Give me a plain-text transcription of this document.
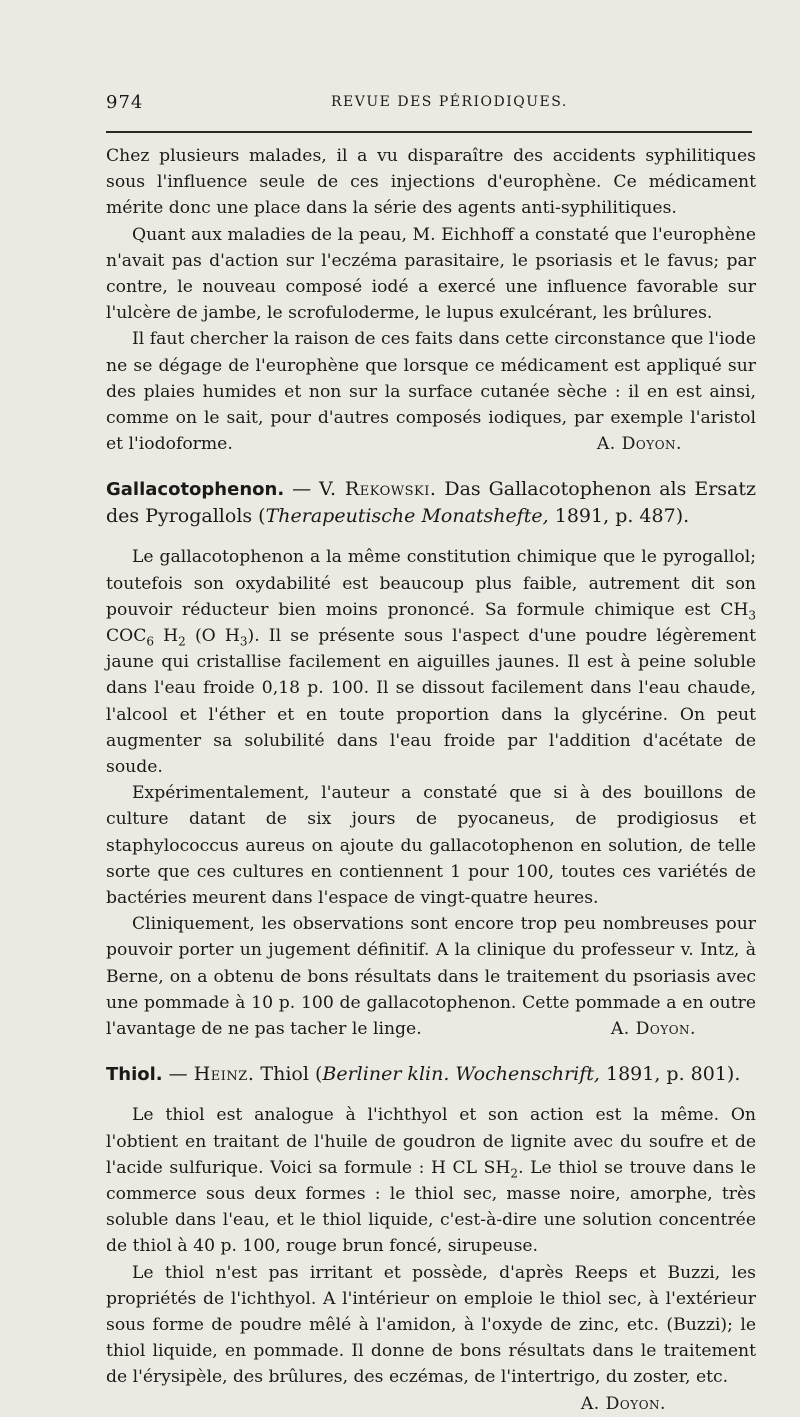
974	REVUE DES PÉRIODIQUES.

Chez plusieurs malades, il a vu disparaître des accidents syphilitiques sous l'influence seule de ces injections d'europhène. Ce médicament mérite donc une place dans la série des agents anti-syphilitiques.

Quant aux maladies de la peau, M. Eichhoff a constaté que l'europhène n'avait pas d'action sur l'eczéma parasitaire, le psoriasis et le favus; par contre, le nouveau composé iodé a exercé une influence favorable sur l'ulcère de jambe, le scrofuloderme, le lupus exulcérant, les brûlures.

Il faut chercher la raison de ces faits dans cette circonstance que l'iode ne se dégage de l'europhène que lorsque ce médicament est appliqué sur des plaies humides et non sur la surface cutanée sèche : il en est ainsi, comme on le sait, pour d'autres composés iodiques, par exemple l'aristol et l'iodoforme.	A. Doyon.

Gallacotophenon. — V. Rekowski. Das Gallacotophenon als Ersatz des Pyrogallols (Therapeutische Monatshefte, 1891, p. 487).

Le gallacotophenon a la même constitution chimique que le pyrogallol; toutefois son oxydabilité est beaucoup plus faible, autrement dit son pouvoir réducteur bien moins prononcé. Sa formule chimique est $CH_3$ $COC_6$ $H_2$ (O $H_3$). Il se présente sous l'aspect d'une poudre légèrement jaune qui cristallise facilement en aiguilles jaunes. Il est à peine soluble dans l'eau froide 0,18 p. 100. Il se dissout facilement dans l'eau chaude, l'alcool et l'éther et en toute proportion dans la glycérine. On peut augmenter sa solubilité dans l'eau froide par l'addition d'acétate de soude.

Expérimentalement, l'auteur a constaté que si à des bouillons de culture datant de six jours de pyocaneus, de prodigiosus et staphylococcus aureus on ajoute du gallacotophenon en solution, de telle sorte que ces cultures en contiennent 1 pour 100, toutes ces variétés de bactéries meurent dans l'espace de vingt-quatre heures.

Cliniquement, les observations sont encore trop peu nombreuses pour pouvoir porter un jugement définitif. A la clinique du professeur v. Intz, à Berne, on a obtenu de bons résultats dans le traitement du psoriasis avec une pommade à 10 p. 100 de gallacotophenon. Cette pommade a en outre l'avantage de ne pas tacher le linge.	A. Doyon.

Thiol. — Heinz. Thiol (Berliner klin. Wochenschrift, 1891, p. 801).

Le thiol est analogue à l'ichthyol et son action est la même. On l'obtient en traitant de l'huile de goudron de lignite avec du soufre et de l'acide sulfurique. Voici sa formule : H CL $SH_2$. Le thiol se trouve dans le commerce sous deux formes : le thiol sec, masse noire, amorphe, très soluble dans l'eau, et le thiol liquide, c'est-à-dire une solution concentrée de thiol à 40 p. 100, rouge brun foncé, sirupeuse.

Le thiol n'est pas irritant et possède, d'après Reeps et Buzzi, les propriétés de l'ichthyol. A l'intérieur on emploie le thiol sec, à l'extérieur sous forme de poudre mêlé à l'amidon, à l'oxyde de zinc, etc. (Buzzi); le thiol liquide, en pommade. Il donne de bons résultats dans le traitement de l'érysipèle, des brûlures, des eczémas, de l'intertrigo, du zoster, etc.

A. Doyon.
